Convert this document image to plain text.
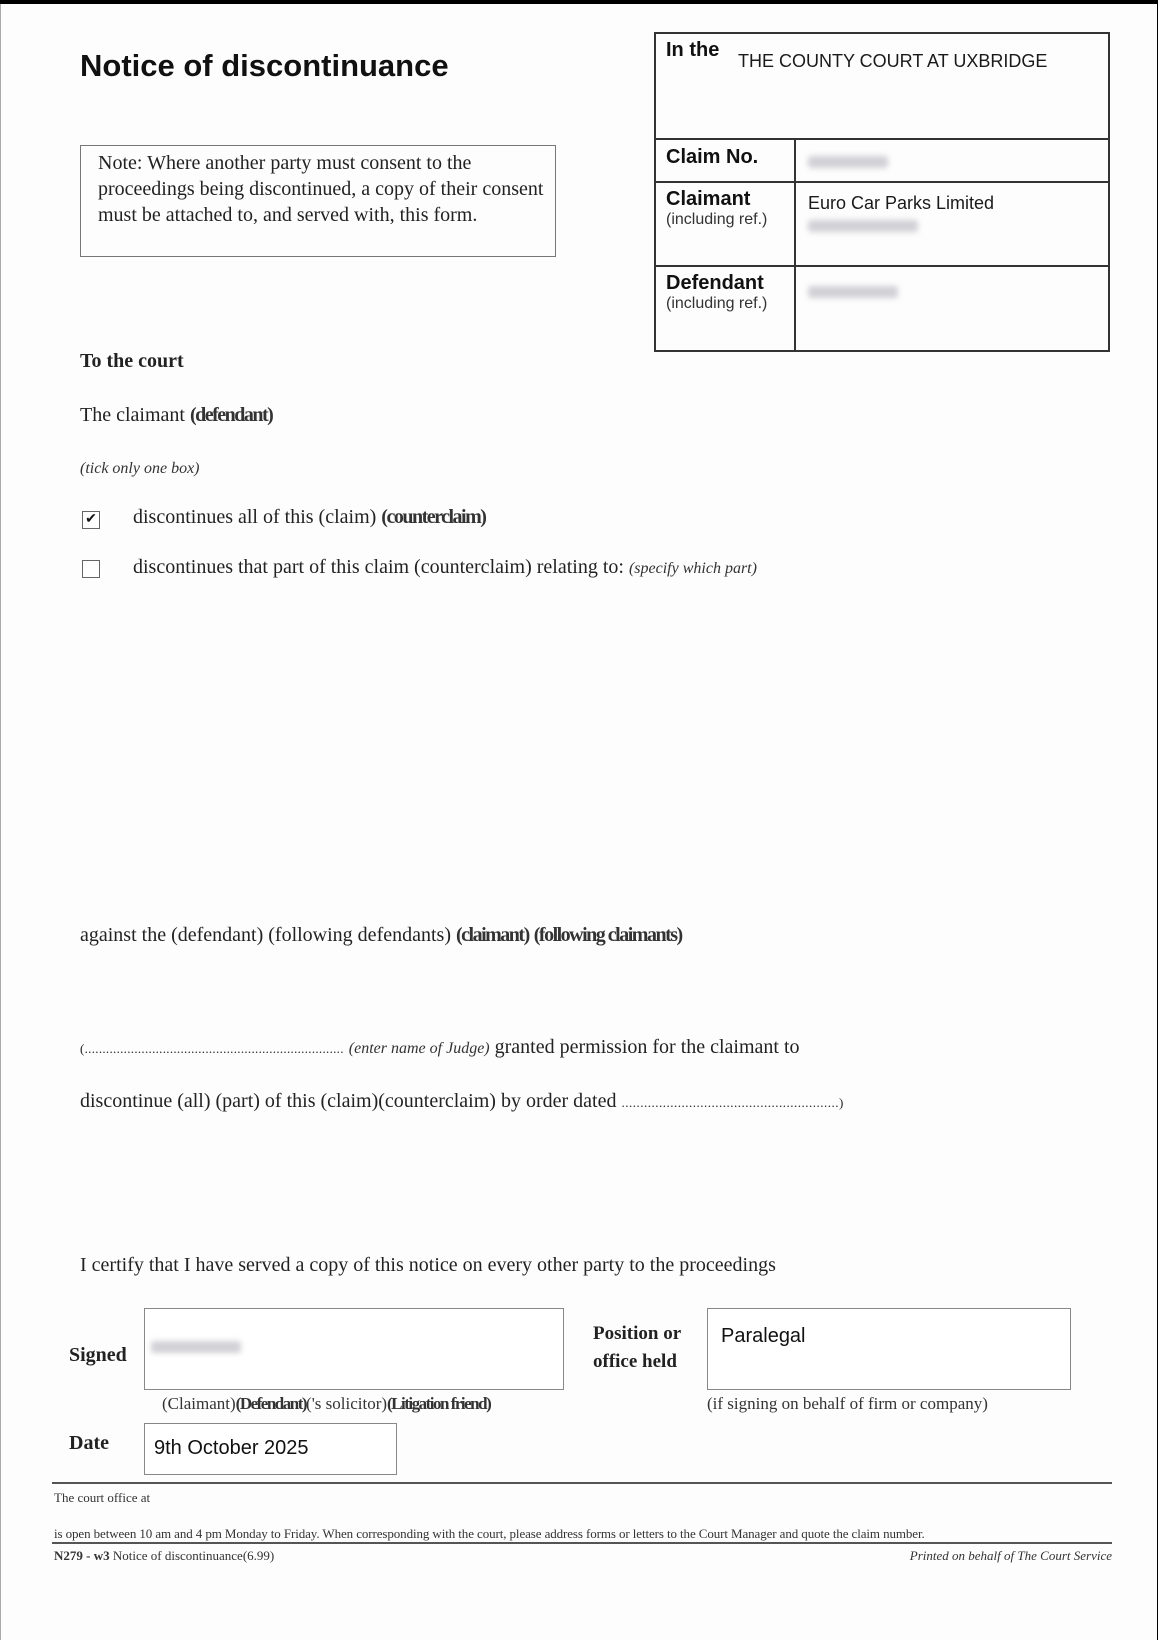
Notice of discontinuance
Note: Where another party must consent to the proceedings being discontinued, a copy of their consent must be attached to, and served with, this form.
In the THE COUNTY COURT AT UXBRIDGE
Claim No.
Claimant
(including ref.)
Euro Car Parks Limited
Defendant
(including ref.)
To the court
The claimant (defendant)
(tick only one box)
✔ discontinues all of this (claim) (counterclaim)
discontinues that part of this claim (counterclaim) relating to: (specify which part)
against the (defendant) (following defendants) (claimant) (following claimants)
(......................................................................... (enter name of Judge) granted permission for the claimant to
discontinue (all) (part) of this (claim)(counterclaim) by order dated ..........................................................)
I certify that I have served a copy of this notice on every other party to the proceedings
Signed
(Claimant)(Defendant)('s solicitor)(Litigation friend)
Position or
office held
Paralegal
(if signing on behalf of firm or company)
Date	9th October 2025
The court office at
is open between 10 am and 4 pm Monday to Friday. When corresponding with the court, please address forms or letters to the Court Manager and quote the claim number.
N279 - w3 Notice of discontinuance(6.99)	Printed on behalf of The Court Service
